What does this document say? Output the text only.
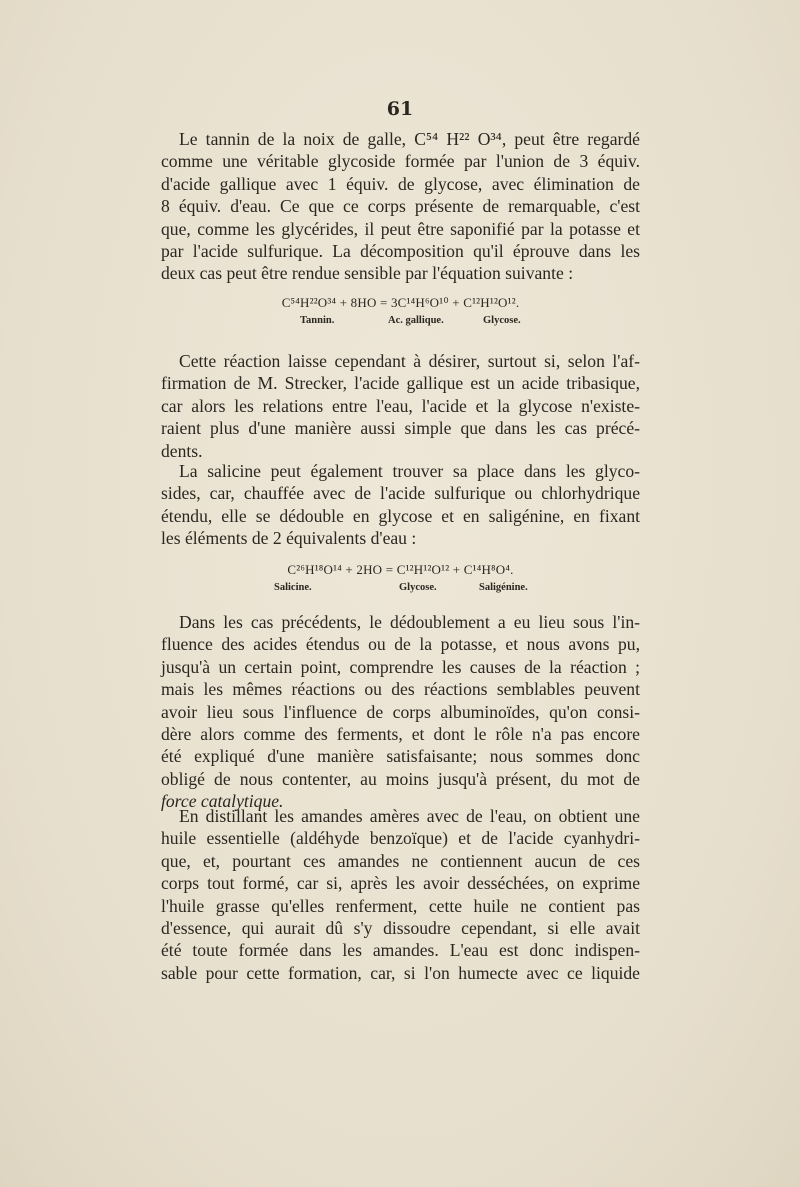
61
Le tannin de la noix de galle, C⁵⁴ H²² O³⁴, peut être regardé
comme une véritable glycoside formée par l'union de 3 équiv.
d'acide gallique avec 1 équiv. de glycose, avec élimination de
8 équiv. d'eau. Ce que ce corps présente de remarquable, c'est
que, comme les glycérides, il peut être saponifié par la potasse et
par l'acide sulfurique. La décomposition qu'il éprouve dans les
deux cas peut être rendue sensible par l'équation suivante :
C⁵⁴H²²O³⁴ + 8HO = 3C¹⁴H⁶O¹⁰ + C¹²H¹²O¹².
Tannin.	Ac. gallique.	Glycose.
Cette réaction laisse cependant à désirer, surtout si, selon l'af-
firmation de M. Strecker, l'acide gallique est un acide tribasique,
car alors les relations entre l'eau, l'acide et la glycose n'existe-
raient plus d'une manière aussi simple que dans les cas précé-
dents.
La salicine peut également trouver sa place dans les glyco-
sides, car, chauffée avec de l'acide sulfurique ou chlorhydrique
étendu, elle se dédouble en glycose et en saligénine, en fixant
les éléments de 2 équivalents d'eau :
C²⁶H¹⁸O¹⁴ + 2HO = C¹²H¹²O¹² + C¹⁴H⁸O⁴.
Salicine.	Glycose.	Saligénine.
Dans les cas précédents, le dédoublement a eu lieu sous l'in-
fluence des acides étendus ou de la potasse, et nous avons pu,
jusqu'à un certain point, comprendre les causes de la réaction ;
mais les mêmes réactions ou des réactions semblables peuvent
avoir lieu sous l'influence de corps albuminoïdes, qu'on consi-
dère alors comme des ferments, et dont le rôle n'a pas encore
été expliqué d'une manière satisfaisante; nous sommes donc
obligé de nous contenter, au moins jusqu'à présent, du mot de
force catalytique.
En distillant les amandes amères avec de l'eau, on obtient une
huile essentielle (aldéhyde benzoïque) et de l'acide cyanhydri-
que, et, pourtant ces amandes ne contiennent aucun de ces
corps tout formé, car si, après les avoir desséchées, on exprime
l'huile grasse qu'elles renferment, cette huile ne contient pas
d'essence, qui aurait dû s'y dissoudre cependant, si elle avait
été toute formée dans les amandes. L'eau est donc indispen-
sable pour cette formation, car, si l'on humecte avec ce liquide
